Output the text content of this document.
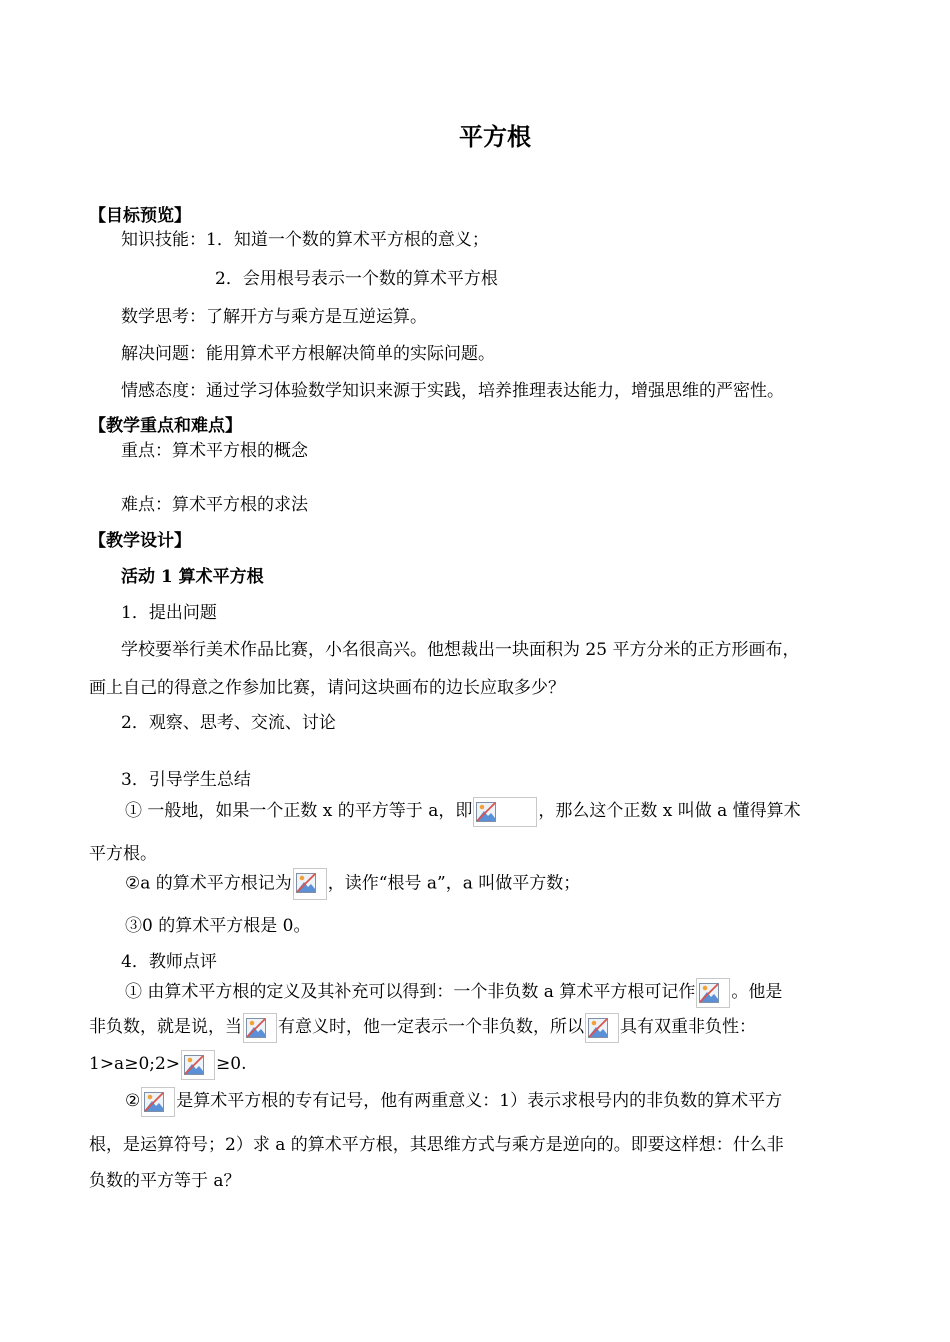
平方根
【目标预览】
知识技能：1．知道一个数的算术平方根的意义；
2．会用根号表示一个数的算术平方根
数学思考：了解开方与乘方是互逆运算。
解决问题：能用算术平方根解决简单的实际问题。
情感态度：通过学习体验数学知识来源于实践，培养推理表达能力，增强思维的严密性。
【教学重点和难点】
重点：算术平方根的概念
难点：算术平方根的求法
【教学设计】
活动 1 算术平方根
1．提出问题
学校要举行美术作品比赛，小名很高兴。他想裁出一块面积为 25 平方分米的正方形画布，
画上自己的得意之作参加比赛，请问这块画布的边长应取多少？
2．观察、思考、交流、讨论
3．引导学生总结
① 一般地，如果一个正数 x 的平方等于 a，即	，那么这个正数 x 叫做 a 懂得算术
平方根。
②a 的算术平方根记为 ，读作“根号 a”，a 叫做平方数；
③0 的算术平方根是 0。
4．教师点评
① 由算术平方根的定义及其补充可以得到：一个非负数 a 算术平方根可记作 。他是
非负数，就是说，当 有意义时，他一定表示一个非负数，所以 具有双重非负性：
1>a≥0;2> ≥0.
② 是算术平方根的专有记号，他有两重意义：1）表示求根号内的非负数的算术平方
根，是运算符号；2）求 a 的算术平方根，其思维方式与乘方是逆向的。即要这样想：什么非
负数的平方等于 a？
